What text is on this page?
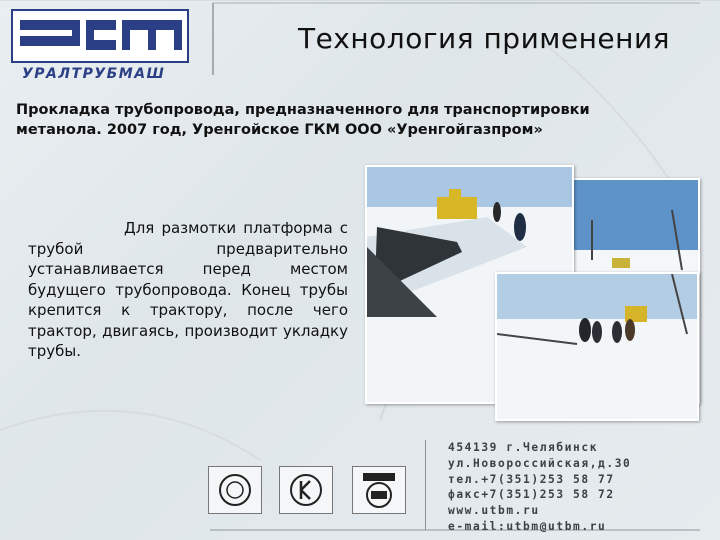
УРАЛТРУБМАШ
Технология применения
Прокладка трубопровода, предназначенного для транспортировки метанола. 2007 год, Уренгойское ГКМ ООО «Уренгойгазпром»
Для размотки платформа с трубой предварительно устанавливается перед местом будущего трубопровода. Конец трубы крепится к трактору, после чего трактор, двигаясь, производит укладку трубы.
454139 г.Челябинск
ул.Новороссийская,д.30
тел.+7(351)253 58 77
факс+7(351)253 58 72
www.utbm.ru
e-mail:utbm@utbm.ru
